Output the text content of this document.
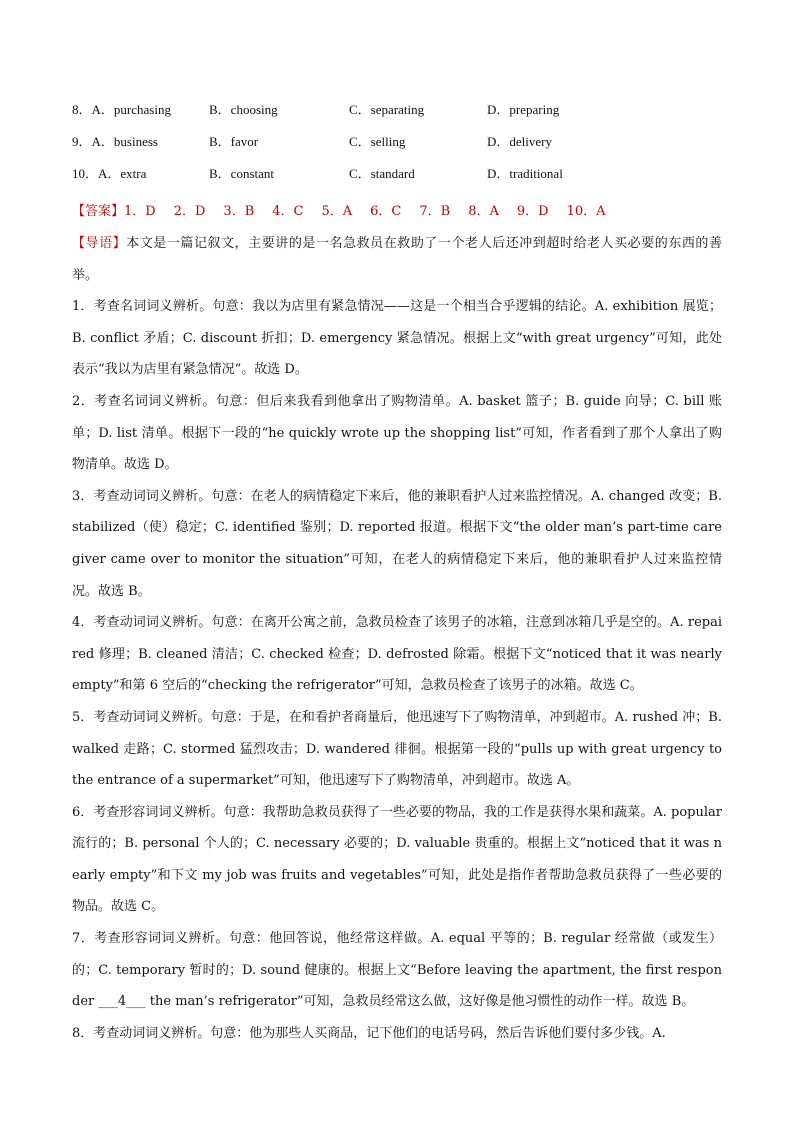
8．A．purchasing	B．choosing	C．separating	D．preparing
9．A．business	B．favor	C．selling	D．delivery
10．A．extra	B．constant	C．standard	D．traditional
【答案】1．D 2．D 3．B 4．C 5．A 6．C 7．B 8．A 9．D 10．A

【导语】本文是一篇记叙文，主要讲的是一名急救员在救助了一个老人后还冲到超时给老人买必要的东西的善举。

1．考查名词词义辨析。句意：我以为店里有紧急情况——这是一个相当合乎逻辑的结论。A. exhibition 展览；B. conflict 矛盾；C. discount 折扣；D. emergency 紧急情况。根据上文“with great urgency”可知，此处表示“我以为店里有紧急情况”。故选 D。

2．考查名词词义辨析。句意：但后来我看到他拿出了购物清单。A. basket 篮子；B. guide 向导；C. bill 账单；D. list 清单。根据下一段的“he quickly wrote up the shopping list”可知，作者看到了那个人拿出了购物清单。故选 D。

3．考查动词词义辨析。句意：在老人的病情稳定下来后，他的兼职看护人过来监控情况。A. changed 改变；B. stabilized（使）稳定；C. identified 鉴别；D. reported 报道。根据下文“the older man’s part-time caregiver came over to monitor the situation”可知，在老人的病情稳定下来后，他的兼职看护人过来监控情况。故选 B。

4．考查动词词义辨析。句意：在离开公寓之前，急救员检查了该男子的冰箱，注意到冰箱几乎是空的。A. repaired 修理；B. cleaned 清洁；C. checked 检查；D. defrosted 除霜。根据下文“noticed that it was nearly empty”和第 6 空后的“checking the refrigerator”可知，急救员检查了该男子的冰箱。故选 C。

5．考查动词词义辨析。句意：于是，在和看护者商量后，他迅速写下了购物清单，冲到超市。A. rushed 冲；B. walked 走路；C. stormed 猛烈攻击；D. wandered 徘徊。根据第一段的“pulls up with great urgency to the entrance of a supermarket”可知，他迅速写下了购物清单，冲到超市。故选 A。

6．考查形容词词义辨析。句意：我帮助急救员获得了一些必要的物品，我的工作是获得水果和蔬菜。A. popular 流行的；B. personal 个人的；C. necessary 必要的；D. valuable 贵重的。根据上文“noticed that it was nearly empty”和下文 my job was fruits and vegetables”可知，此处是指作者帮助急救员获得了一些必要的物品。故选 C。

7．考查形容词词义辨析。句意：他回答说，他经常这样做。A. equal 平等的；B. regular 经常做（或发生）的；C. temporary 暂时的；D. sound 健康的。根据上文“Before leaving the apartment, the first responder ___4___ the man’s refrigerator”可知，急救员经常这么做，这好像是他习惯性的动作一样。故选 B。

8．考查动词词义辨析。句意：他为那些人买商品，记下他们的电话号码，然后告诉他们要付多少钱。A.
